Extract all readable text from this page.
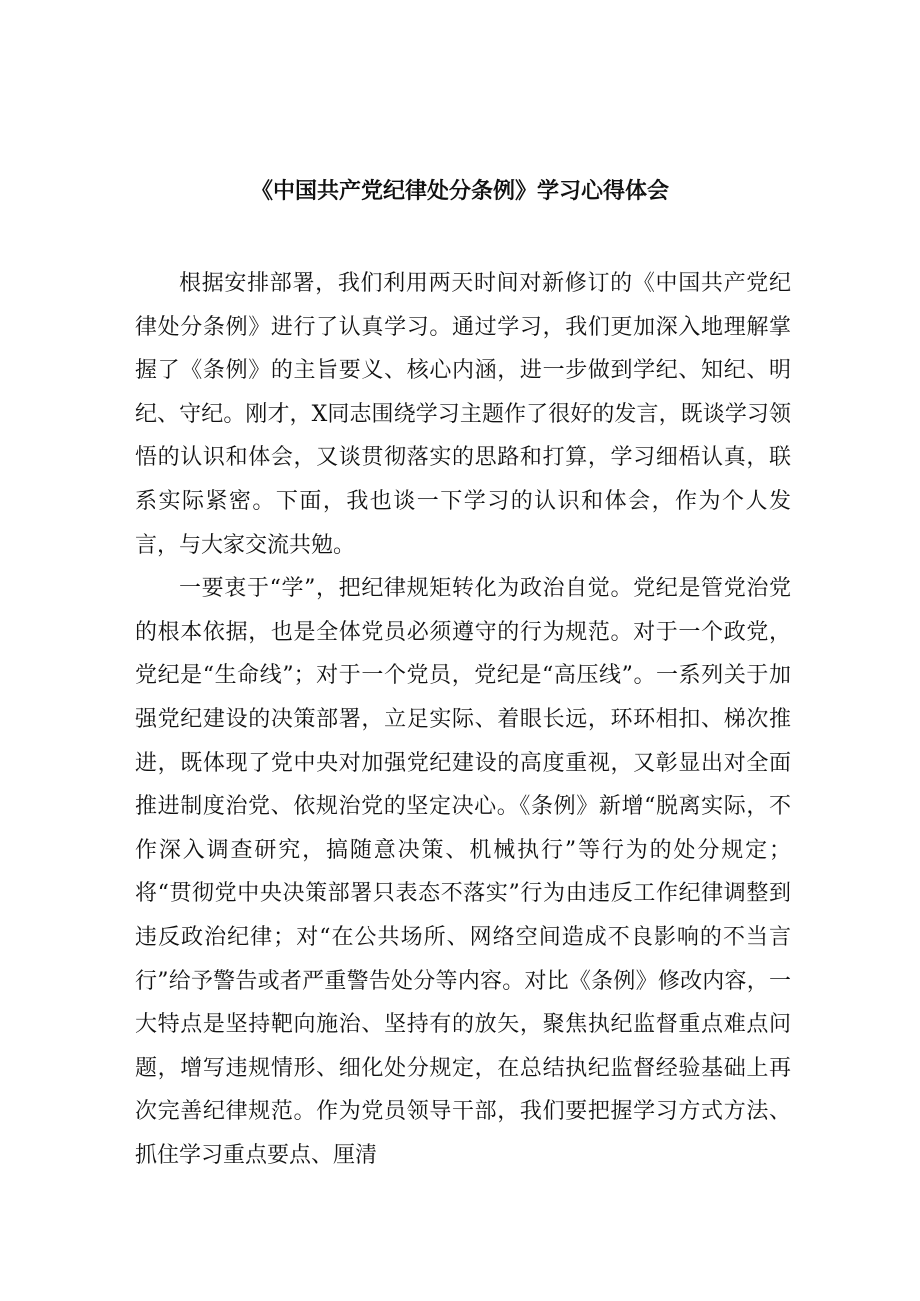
《中国共产党纪律处分条例》学习心得体会

根据安排部署，我们利用两天时间对新修订的《中国共产党纪律处分条例》进行了认真学习。通过学习，我们更加深入地理解掌握了《条例》的主旨要义、核心内涵，进一步做到学纪、知纪、明纪、守纪。刚才，X同志围绕学习主题作了很好的发言，既谈学习领悟的认识和体会，又谈贯彻落实的思路和打算，学习细梧认真，联系实际紧密。下面，我也谈一下学习的认识和体会，作为个人发言，与大家交流共勉。

一要衷于“学”，把纪律规矩转化为政治自觉。党纪是管党治党的根本依据，也是全体党员必须遵守的行为规范。对于一个政党，党纪是“生命线”；对于一个党员，党纪是“高压线”。一系列关于加强党纪建设的决策部署，立足实际、着眼长远，环环相扣、梯次推进，既体现了党中央对加强党纪建设的高度重视，又彰显出对全面推进制度治党、依规治党的坚定决心。《条例》新增“脱离实际，不作深入调查研究，搞随意决策、机械执行”等行为的处分规定；将“贯彻党中央决策部署只表态不落实”行为由违反工作纪律调整到违反政治纪律；对“在公共场所、网络空间造成不良影响的不当言行”给予警告或者严重警告处分等内容。对比《条例》修改内容，一大特点是坚持靶向施治、坚持有的放矢，聚焦执纪监督重点难点问题，增写违规情形、细化处分规定，在总结执纪监督经验基础上再次完善纪律规范。作为党员领导干部，我们要把握学习方式方法、抓住学习重点要点、厘清
